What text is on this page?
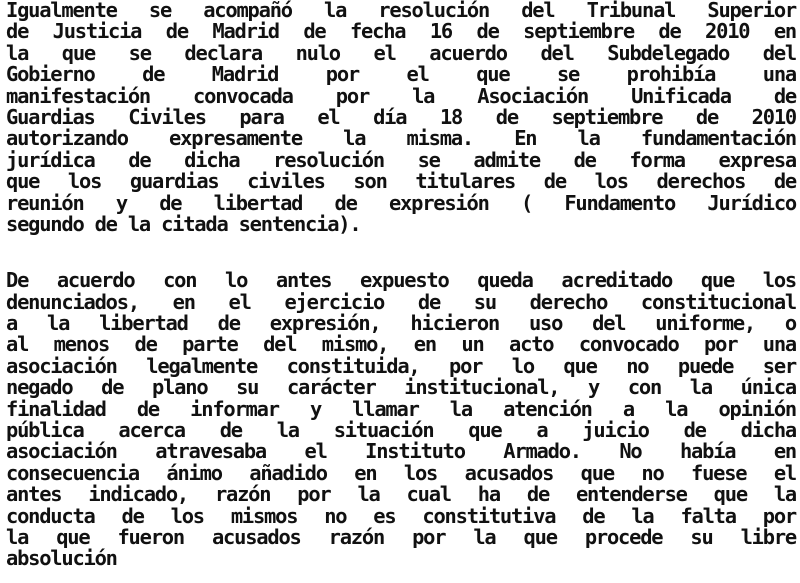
Igualmente se acompañó la resolución del Tribunal Superior
de Justicia de Madrid de fecha 16 de septiembre de 2010 en
la que se declara nulo el acuerdo del Subdelegado del
Gobierno de Madrid por el que se prohibía una
manifestación convocada por la Asociación Unificada de
Guardias Civiles para el día 18 de septiembre de 2010
autorizando expresamente la misma. En la fundamentación
jurídica de dicha resolución se admite de forma expresa
que los guardias civiles son titulares de los derechos de
reunión y de libertad de expresión ( Fundamento Jurídico
segundo de la citada sentencia).
De acuerdo con lo antes expuesto queda acreditado que los
denunciados, en el ejercicio de su derecho constitucional
a la libertad de expresión, hicieron uso del uniforme, o
al menos de parte del mismo, en un acto convocado por una
asociación legalmente constituida, por lo que no puede ser
negado de plano su carácter institucional, y con la única
finalidad de informar y llamar la atención a la opinión
pública acerca de la situación que a juicio de dicha
asociación atravesaba el Instituto Armado. No había en
consecuencia ánimo añadido en los acusados que no fuese el
antes indicado, razón por la cual ha de entenderse que la
conducta de los mismos no es constitutiva de la falta por
la que fueron acusados razón por la que procede su libre
absolución
